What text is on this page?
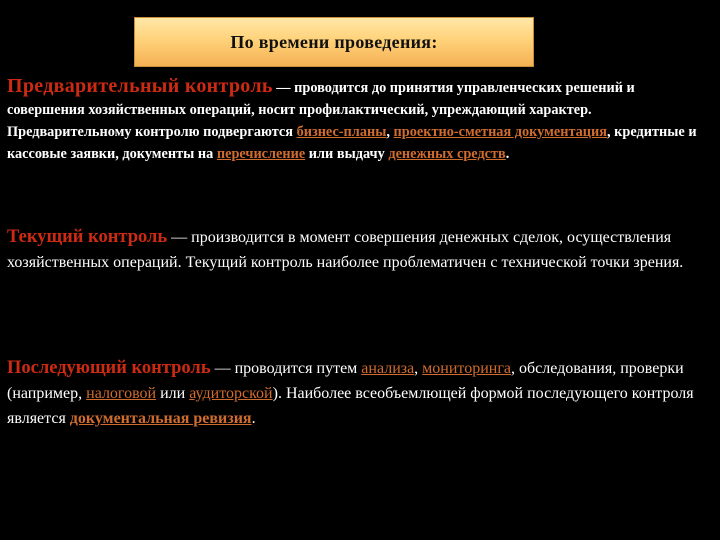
По времени проведения:
Предварительный контроль — проводится до принятия управленческих решений и совершения хозяйственных операций, носит профилактический, упреждающий характер.
Предварительному контролю подвергаются бизнес-планы, проектно-сметная документация, кредитные и кассовые заявки, документы на перечисление или выдачу денежных средств.
Текущий контроль — производится в момент совершения денежных сделок, осуществления хозяйственных операций. Текущий контроль наиболее проблематичен с технической точки зрения.
Последующий контроль — проводится путем анализа, мониторинга, обследования, проверки (например, налоговой или аудиторской). Наиболее всеобъемлющей формой последующего контроля является документальная ревизия.
